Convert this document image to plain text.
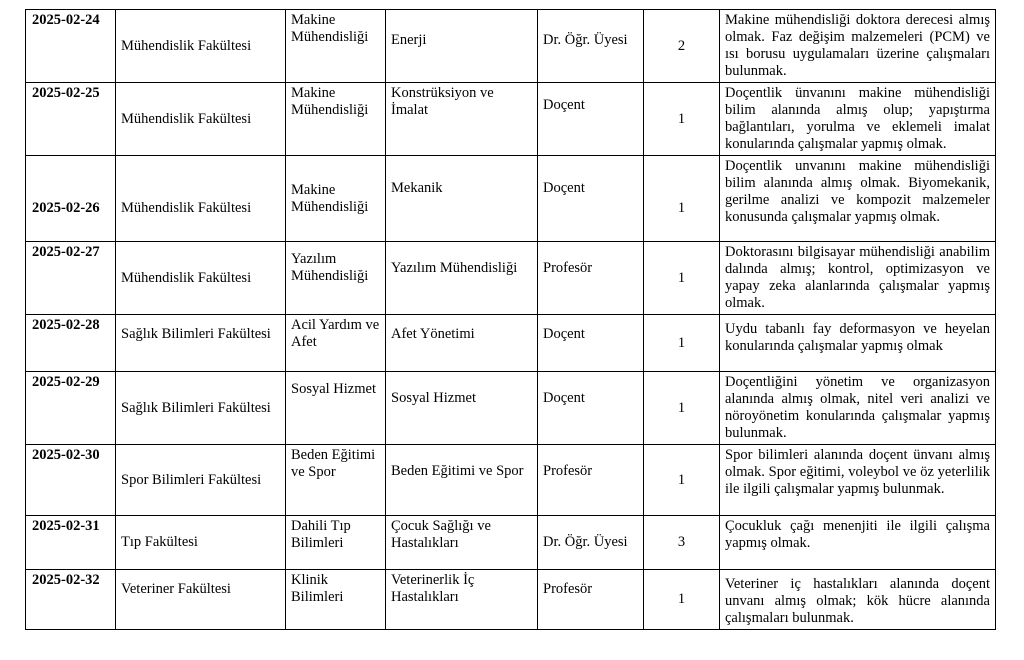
2025-02-24	Mühendislik Fakültesi	Makine Mühendisliği	Enerji	Dr. Öğr. Üyesi	2	Makine mühendisliği doktora derecesi almış olmak. Faz değişim malzemeleri (PCM) ve ısı borusu uygulamaları üzerine çalışmaları bulunmak.
2025-02-25	Mühendislik Fakültesi	Makine Mühendisliği	Konstrüksiyon ve İmalat	Doçent	1	Doçentlik ünvanını makine mühendisliği bilim alanında almış olup; yapıştırma bağlantıları, yorulma ve eklemeli imalat konularında çalışmalar yapmış olmak.
2025-02-26	Mühendislik Fakültesi	Makine Mühendisliği	Mekanik	Doçent	1	Doçentlik unvanını makine mühendisliği bilim alanında almış olmak. Biyomekanik, gerilme analizi ve kompozit malzemeler konusunda çalışmalar yapmış olmak.
2025-02-27	Mühendislik Fakültesi	Yazılım Mühendisliği	Yazılım Mühendisliği	Profesör	1	Doktorasını bilgisayar mühendisliği anabilim dalında almış; kontrol, optimizasyon ve yapay zeka alanlarında çalışmalar yapmış olmak.
2025-02-28	Sağlık Bilimleri Fakültesi	Acil Yardım ve Afet	Afet Yönetimi	Doçent	1	Uydu tabanlı fay deformasyon ve heyelan konularında çalışmalar yapmış olmak
2025-02-29	Sağlık Bilimleri Fakültesi	Sosyal Hizmet	Sosyal Hizmet	Doçent	1	Doçentliğini yönetim ve organizasyon alanında almış olmak, nitel veri analizi ve nöroyönetim konularında çalışmalar yapmış bulunmak.
2025-02-30	Spor Bilimleri Fakültesi	Beden Eğitimi ve Spor	Beden Eğitimi ve Spor	Profesör	1	Spor bilimleri alanında doçent ünvanı almış olmak. Spor eğitimi, voleybol ve öz yeterlilik ile ilgili çalışmalar yapmış bulunmak.
2025-02-31	Tıp Fakültesi	Dahili Tıp Bilimleri	Çocuk Sağlığı ve Hastalıkları	Dr. Öğr. Üyesi	3	Çocukluk çağı menenjiti ile ilgili çalışma yapmış olmak.
2025-02-32	Veteriner Fakültesi	Klinik Bilimleri	Veterinerlik İç Hastalıkları	Profesör	1	Veteriner iç hastalıkları alanında doçent unvanı almış olmak; kök hücre alanında çalışmaları bulunmak.
